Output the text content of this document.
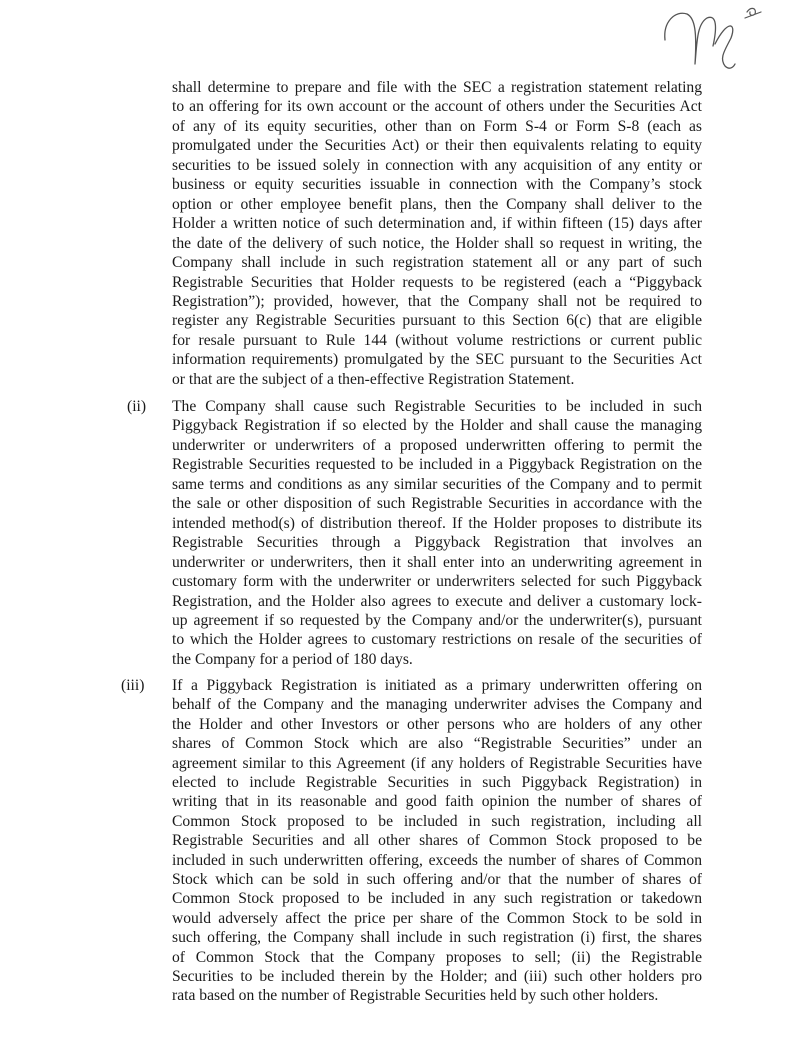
shall determine to prepare and file with the SEC a registration statement relating
to an offering for its own account or the account of others under the Securities Act
of any of its equity securities, other than on Form S-4 or Form S-8 (each as
promulgated under the Securities Act) or their then equivalents relating to equity
securities to be issued solely in connection with any acquisition of any entity or
business or equity securities issuable in connection with the Company’s stock
option or other employee benefit plans, then the Company shall deliver to the
Holder a written notice of such determination and, if within fifteen (15) days after
the date of the delivery of such notice, the Holder shall so request in writing, the
Company shall include in such registration statement all or any part of such
Registrable Securities that Holder requests to be registered (each a “Piggyback
Registration”); provided, however, that the Company shall not be required to
register any Registrable Securities pursuant to this Section 6(c) that are eligible
for resale pursuant to Rule 144 (without volume restrictions or current public
information requirements) promulgated by the SEC pursuant to the Securities Act
or that are the subject of a then-effective Registration Statement.
(ii) The Company shall cause such Registrable Securities to be included in such
Piggyback Registration if so elected by the Holder and shall cause the managing
underwriter or underwriters of a proposed underwritten offering to permit the
Registrable Securities requested to be included in a Piggyback Registration on the
same terms and conditions as any similar securities of the Company and to permit
the sale or other disposition of such Registrable Securities in accordance with the
intended method(s) of distribution thereof. If the Holder proposes to distribute its
Registrable Securities through a Piggyback Registration that involves an
underwriter or underwriters, then it shall enter into an underwriting agreement in
customary form with the underwriter or underwriters selected for such Piggyback
Registration, and the Holder also agrees to execute and deliver a customary lock-
up agreement if so requested by the Company and/or the underwriter(s), pursuant
to which the Holder agrees to customary restrictions on resale of the securities of
the Company for a period of 180 days.
(iii) If a Piggyback Registration is initiated as a primary underwritten offering on
behalf of the Company and the managing underwriter advises the Company and
the Holder and other Investors or other persons who are holders of any other
shares of Common Stock which are also “Registrable Securities” under an
agreement similar to this Agreement (if any holders of Registrable Securities have
elected to include Registrable Securities in such Piggyback Registration) in
writing that in its reasonable and good faith opinion the number of shares of
Common Stock proposed to be included in such registration, including all
Registrable Securities and all other shares of Common Stock proposed to be
included in such underwritten offering, exceeds the number of shares of Common
Stock which can be sold in such offering and/or that the number of shares of
Common Stock proposed to be included in any such registration or takedown
would adversely affect the price per share of the Common Stock to be sold in
such offering, the Company shall include in such registration (i) first, the shares
of Common Stock that the Company proposes to sell; (ii) the Registrable
Securities to be included therein by the Holder; and (iii) such other holders pro
rata based on the number of Registrable Securities held by such other holders.
